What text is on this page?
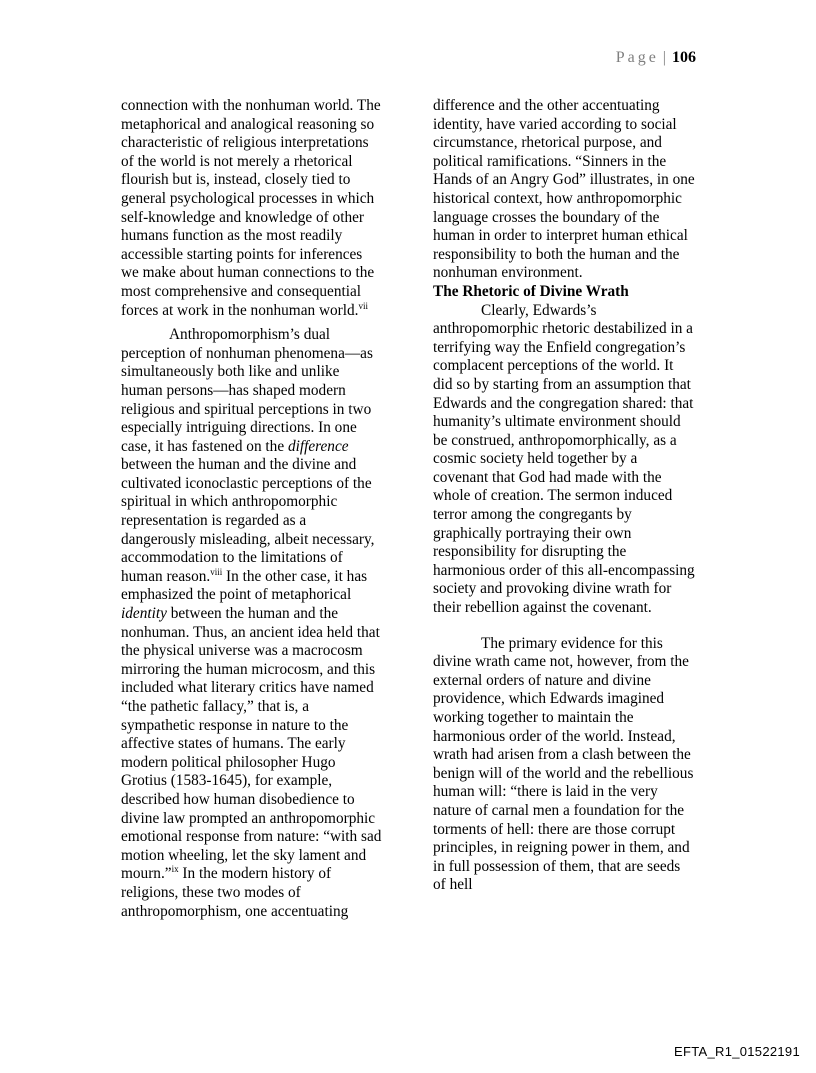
Page | 106

connection with the nonhuman world. The metaphorical and analogical reasoning so characteristic of religious interpretations of the world is not merely a rhetorical flourish but is, instead, closely tied to general psychological processes in which self-knowledge and knowledge of other humans function as the most readily accessible starting points for inferences we make about human connections to the most comprehensive and consequential forces at work in the nonhuman world.$^{vii}$

Anthropomorphism’s dual perception of nonhuman phenomena—as simultaneously both like and unlike human persons—has shaped modern religious and spiritual perceptions in two especially intriguing directions. In one case, it has fastened on the difference between the human and the divine and cultivated iconoclastic perceptions of the spiritual in which anthropomorphic representation is regarded as a dangerously misleading, albeit necessary, accommodation to the limitations of human reason.$^{viii}$ In the other case, it has emphasized the point of metaphorical identity between the human and the nonhuman. Thus, an ancient idea held that the physical universe was a macrocosm mirroring the human microcosm, and this included what literary critics have named “the pathetic fallacy,” that is, a sympathetic response in nature to the affective states of humans. The early modern political philosopher Hugo Grotius (1583-1645), for example, described how human disobedience to divine law prompted an anthropomorphic emotional response from nature: “with sad motion wheeling, let the sky lament and mourn.”$^{ix}$ In the modern history of religions, these two modes of anthropomorphism, one accentuating

difference and the other accentuating identity, have varied according to social circumstance, rhetorical purpose, and political ramifications. “Sinners in the Hands of an Angry God” illustrates, in one historical context, how anthropomorphic language crosses the boundary of the human in order to interpret human ethical responsibility to both the human and the nonhuman environment.

The Rhetoric of Divine Wrath

Clearly, Edwards’s anthropomorphic rhetoric destabilized in a terrifying way the Enfield congregation’s complacent perceptions of the world. It did so by starting from an assumption that Edwards and the congregation shared: that humanity’s ultimate environment should be construed, anthropomorphically, as a cosmic society held together by a covenant that God had made with the whole of creation. The sermon induced terror among the congregants by graphically portraying their own responsibility for disrupting the harmonious order of this all-encompassing society and provoking divine wrath for their rebellion against the covenant.

The primary evidence for this divine wrath came not, however, from the external orders of nature and divine providence, which Edwards imagined working together to maintain the harmonious order of the world. Instead, wrath had arisen from a clash between the benign will of the world and the rebellious human will: “there is laid in the very nature of carnal men a foundation for the torments of hell: there are those corrupt principles, in reigning power in them, and in full possession of them, that are seeds of hell

EFTA_R1_01522191
